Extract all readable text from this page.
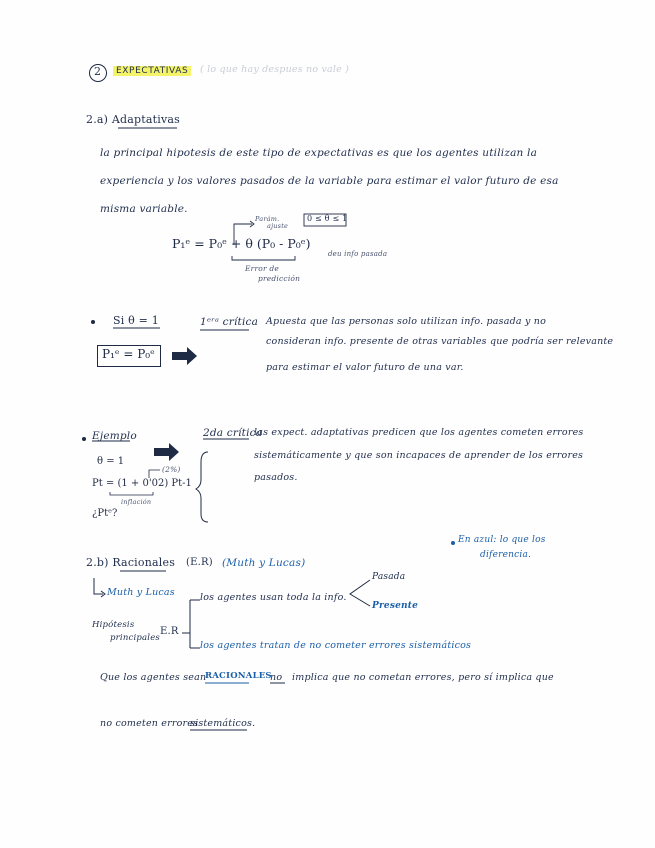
2	EXPECTATIVAS	( lo que hay despues no vale )
2.a) Adaptativas
la principal hipotesis de este tipo de expectativas es que los agentes utilizan la
experiencia y los valores pasados de la variable para estimar el valor futuro de esa
misma variable.
Parám.
ajuste
0 ≤ θ ≤ 1
P₁ᵉ = P₀ᵉ + θ (P₀ - P₀ᵉ)
Error de
predicción
deu info pasada
Si θ = 1
P₁ᵉ = P₀ᵉ
1ᵉʳᵃ crítica Apuesta que las personas solo utilizan info. pasada y no
consideran info. presente de otras variables que podría ser relevante
para estimar el valor futuro de una var.
Ejemplo
θ = 1
(2%)
Pt = (1 + 0'02) Pt-1
inflación
¿Ptᵉ?
2da crítica
las expect. adaptativas predicen que los agentes cometen errores
sistemáticamente y que son incapaces de aprender de los errores
pasados.
En azul: lo que los
diferencia.
2.b) Racionales (E.R) (Muth y Lucas)
Muth y Lucas	los agentes usan toda la info.
Pasada
Presente
Hipótesis
principales
E.R
los agentes tratan de no cometer errores sistemáticos
Que los agentes sean
RACIONALES
no implica que no cometan errores, pero sí implica que
no cometen errores
sistemáticos.
